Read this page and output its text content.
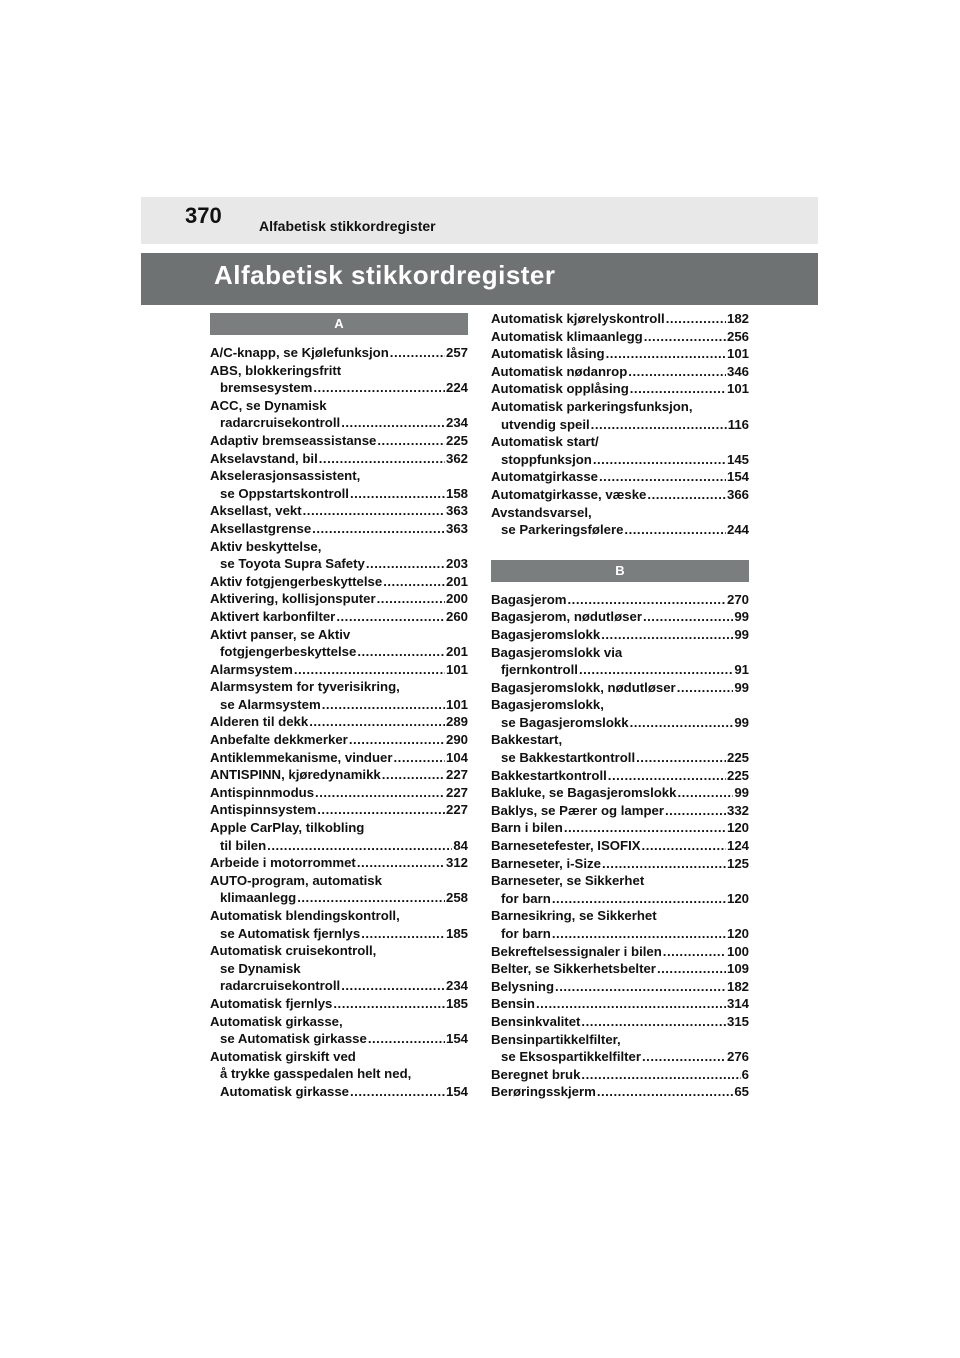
370	Alfabetisk stikkordregister
Alfabetisk stikkordregister
A
A/C-knapp, se Kjølefunksjon .....	257
ABS, blokkeringsfritt
bremsesystem .....	224
ACC, se Dynamisk
radarcruisekontroll .....	234
Adaptiv bremseassistanse .....	225
Akselavstand, bil .....	362
Akselerasjonsassistent,
se Oppstartskontroll .....	158
Aksellast, vekt .....	363
Aksellastgrense .....	363
Aktiv beskyttelse,
se Toyota Supra Safety .....	203
Aktiv fotgjengerbeskyttelse .....	201
Aktivering, kollisjonsputer .....	200
Aktivert karbonfilter .....	260
Aktivt panser, se Aktiv
fotgjengerbeskyttelse .....	201
Alarmsystem .....	101
Alarmsystem for tyverisikring,
se Alarmsystem .....	101
Alderen til dekk .....	289
Anbefalte dekkmerker .....	290
Antiklemmekanisme, vinduer .....	104
ANTISPINN, kjøredynamikk .....	227
Antispinnmodus .....	227
Antispinnsystem .....	227
Apple CarPlay, tilkobling
til bilen .....	84
Arbeide i motorrommet .....	312
AUTO-program, automatisk
klimaanlegg .....	258
Automatisk blendingskontroll,
se Automatisk fjernlys .....	185
Automatisk cruisekontroll,
se Dynamisk
radarcruisekontroll .....	234
Automatisk fjernlys .....	185
Automatisk girkasse,
se Automatisk girkasse .....	154
Automatisk girskift ved
å trykke gasspedalen helt ned,
Automatisk girkasse .....	154
Automatisk kjørelyskontroll .....	182
Automatisk klimaanlegg .....	256
Automatisk låsing .....	101
Automatisk nødanrop .....	346
Automatisk opplåsing .....	101
Automatisk parkeringsfunksjon,
utvendig speil .....	116
Automatisk start/
stoppfunksjon .....	145
Automatgirkasse .....	154
Automatgirkasse, væske .....	366
Avstandsvarsel,
se Parkeringsfølere .....	244
B
Bagasjerom .....	270
Bagasjerom, nødutløser .....	99
Bagasjeromslokk .....	99
Bagasjeromslokk via
fjernkontroll .....	91
Bagasjeromslokk, nødutløser .....	99
Bagasjeromslokk,
se Bagasjeromslokk .....	99
Bakkestart,
se Bakkestartkontroll .....	225
Bakkestartkontroll .....	225
Bakluke, se Bagasjeromslokk .....	99
Baklys, se Pærer og lamper .....	332
Barn i bilen .....	120
Barnesetefester, ISOFIX .....	124
Barneseter, i-Size .....	125
Barneseter, se Sikkerhet
for barn .....	120
Barnesikring, se Sikkerhet
for barn .....	120
Bekreftelsessignaler i bilen .....	100
Belter, se Sikkerhetsbelter .....	109
Belysning .....	182
Bensin .....	314
Bensinkvalitet .....	315
Bensinpartikkelfilter,
se Eksospartikkelfilter .....	276
Beregnet bruk .....	6
Berøringsskjerm .....	65
